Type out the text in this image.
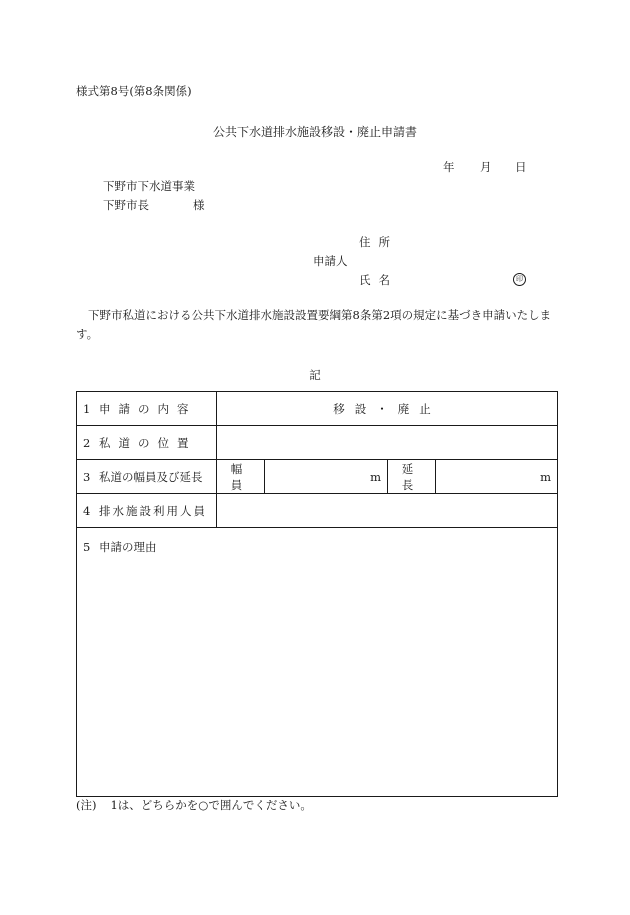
様式第8号(第8条関係)
公共下水道排水施設移設・廃止申請書
年 月 日
下野市下水道事業
下野市長	様
住所
申請人
氏名	印
下野市私道における公共下水道排水施設設置要綱第8条第2項の規定に基づき申請いたします。
記
1 申請の内容	移設・廃止			
2 私道の位置				
3 私道の幅員及び延長	幅員	m	延長	m
4 排水施設利用人員				
5 申請の理由				
(注) 1は、どちらかを○で囲んでください。
